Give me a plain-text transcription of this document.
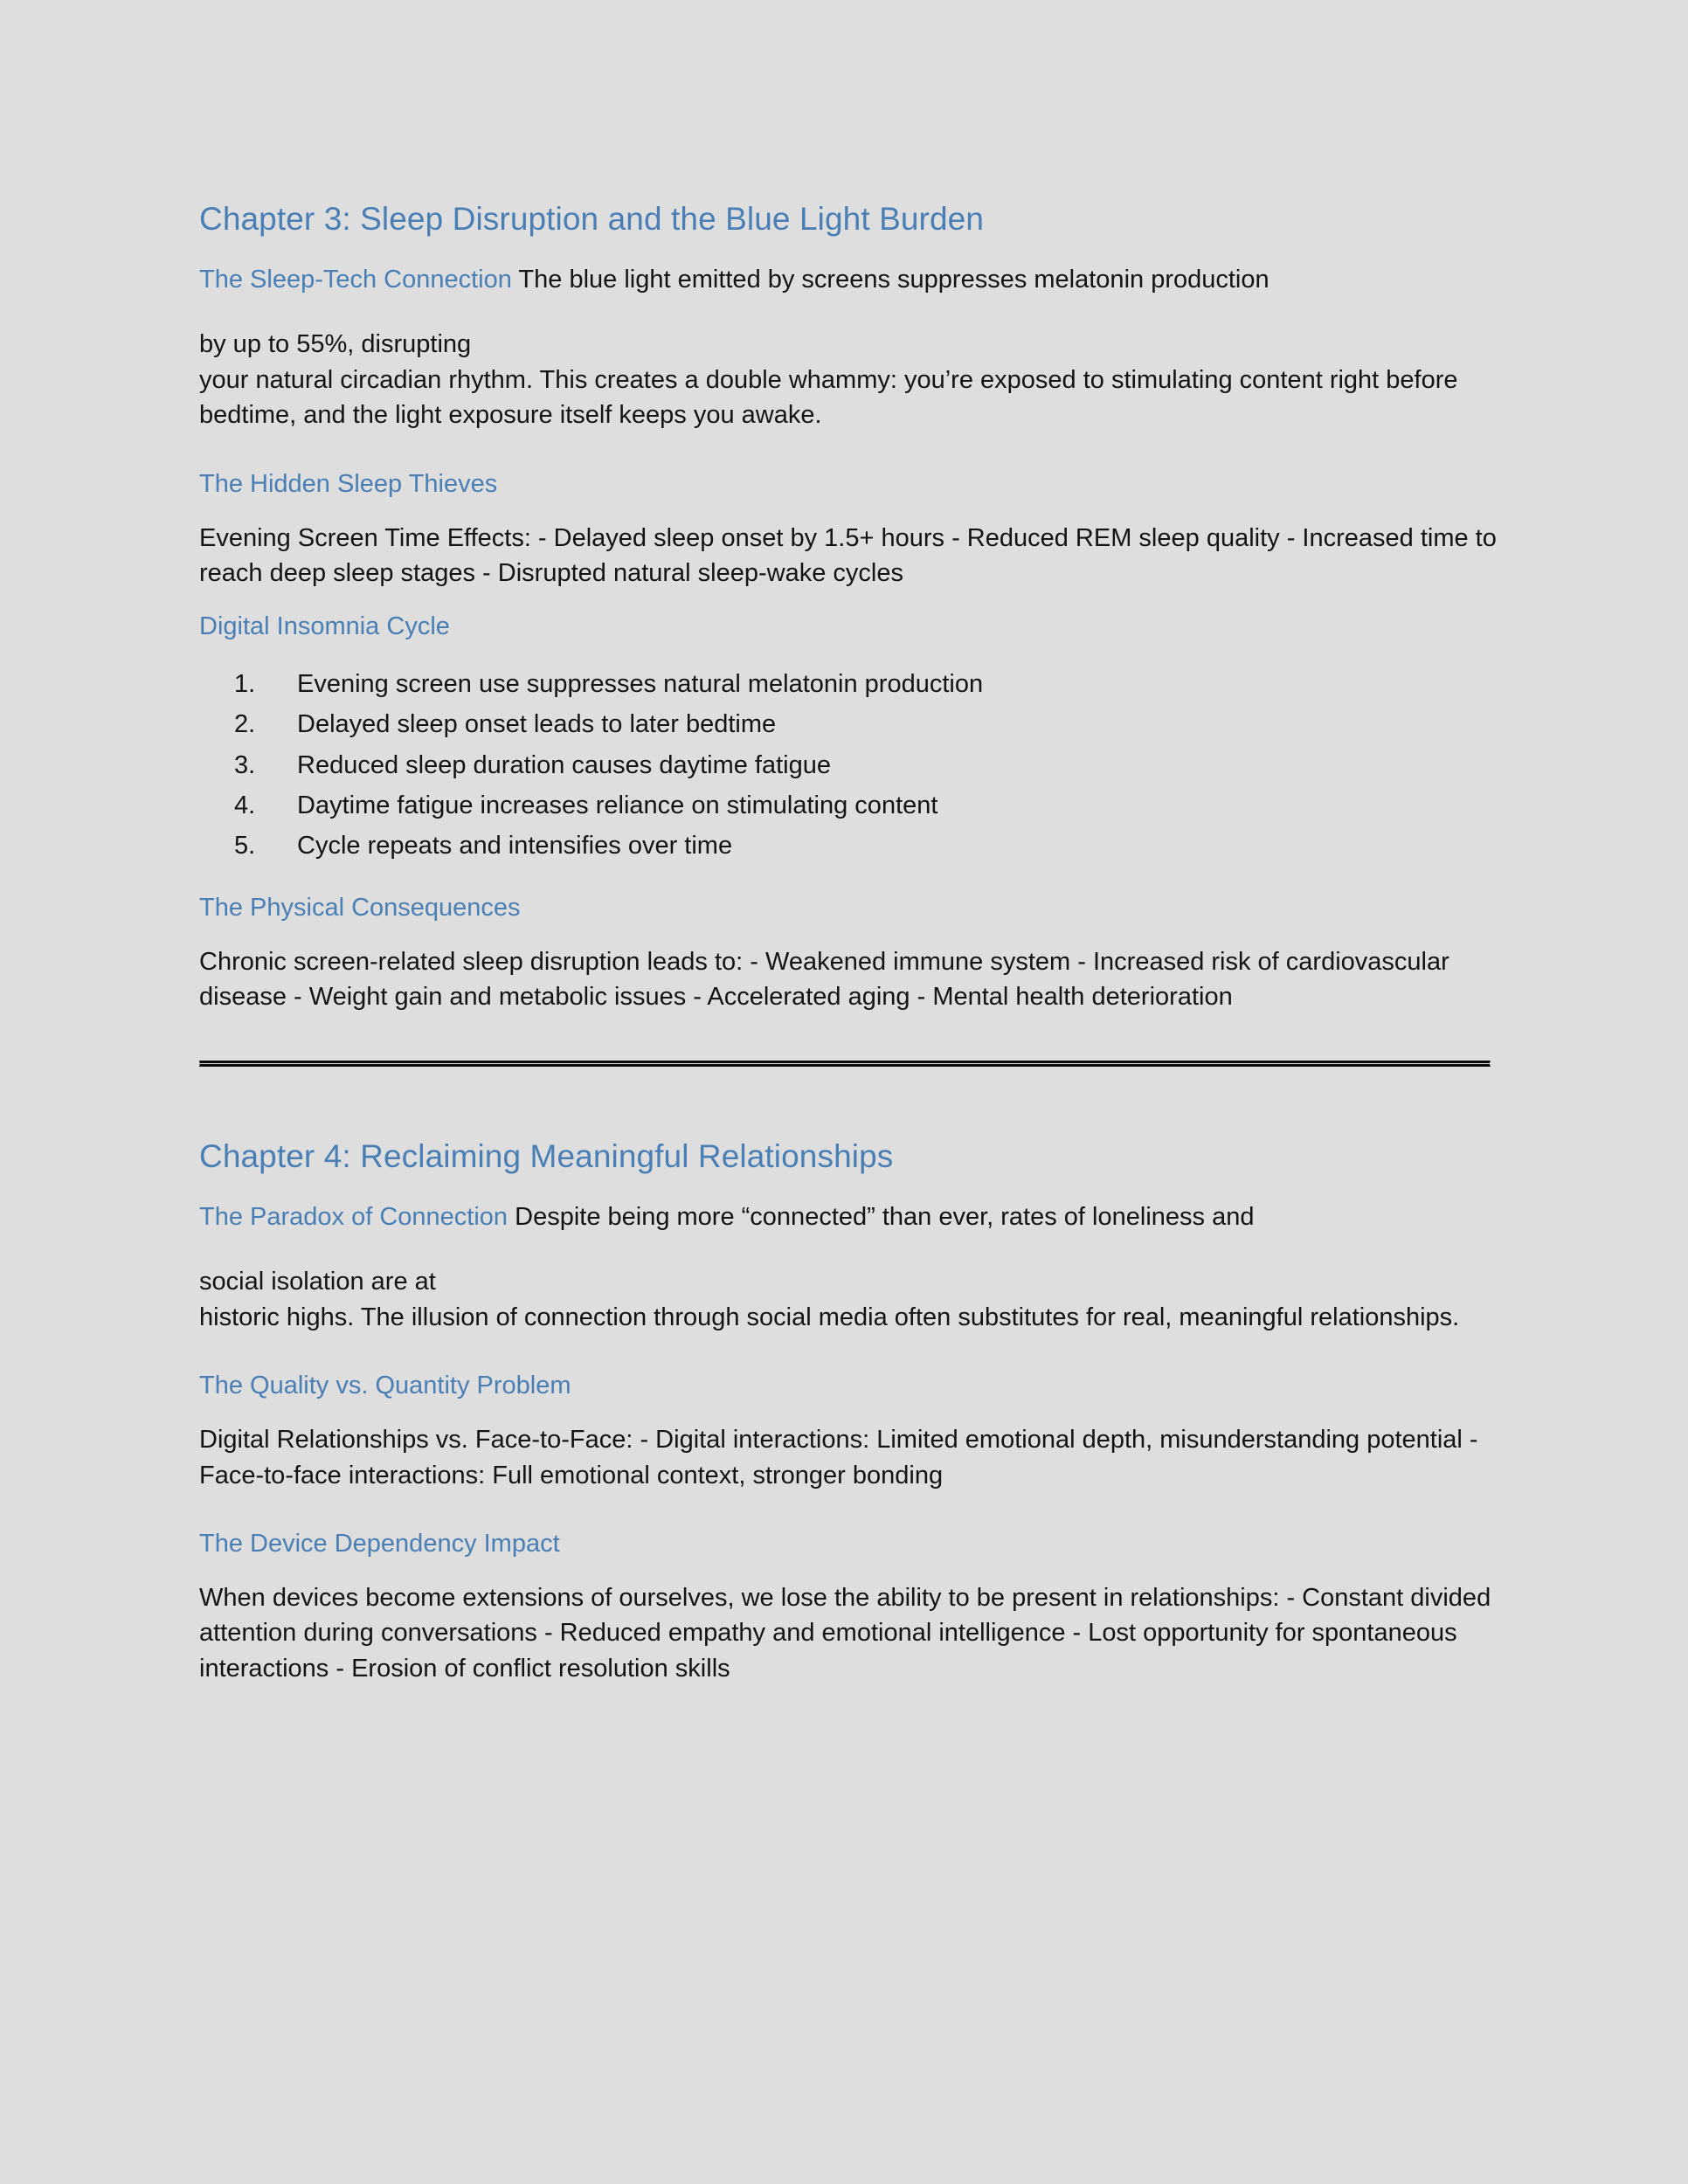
Chapter 3: Sleep Disruption and the Blue Light Burden

The Sleep-Tech Connection The blue light emitted by screens suppresses melatonin production

by up to 55%, disrupting

your natural circadian rhythm. This creates a double whammy: you’re exposed to stimulating content right before bedtime, and the light exposure itself keeps you awake.

The Hidden Sleep Thieves

Evening Screen Time Effects: - Delayed sleep onset by 1.5+ hours - Reduced REM sleep quality - Increased time to reach deep sleep stages - Disrupted natural sleep-wake cycles

Digital Insomnia Cycle
1. Evening screen use suppresses natural melatonin production
2. Delayed sleep onset leads to later bedtime
3. Reduced sleep duration causes daytime fatigue
4. Daytime fatigue increases reliance on stimulating content
5. Cycle repeats and intensifies over time
The Physical Consequences

Chronic screen-related sleep disruption leads to: - Weakened immune system - Increased risk of cardiovascular disease - Weight gain and metabolic issues - Accelerated aging - Mental health deterioration

Chapter 4: Reclaiming Meaningful Relationships

The Paradox of Connection Despite being more “connected” than ever, rates of loneliness and

social isolation are at

historic highs. The illusion of connection through social media often substitutes for real, meaningful relationships.

The Quality vs. Quantity Problem

Digital Relationships vs. Face-to-Face: - Digital interactions: Limited emotional depth, misunderstanding potential - Face-to-face interactions: Full emotional context, stronger bonding

The Device Dependency Impact

When devices become extensions of ourselves, we lose the ability to be present in relationships: - Constant divided attention during conversations - Reduced empathy and emotional intelligence - Lost opportunity for spontaneous interactions - Erosion of conflict resolution skills
